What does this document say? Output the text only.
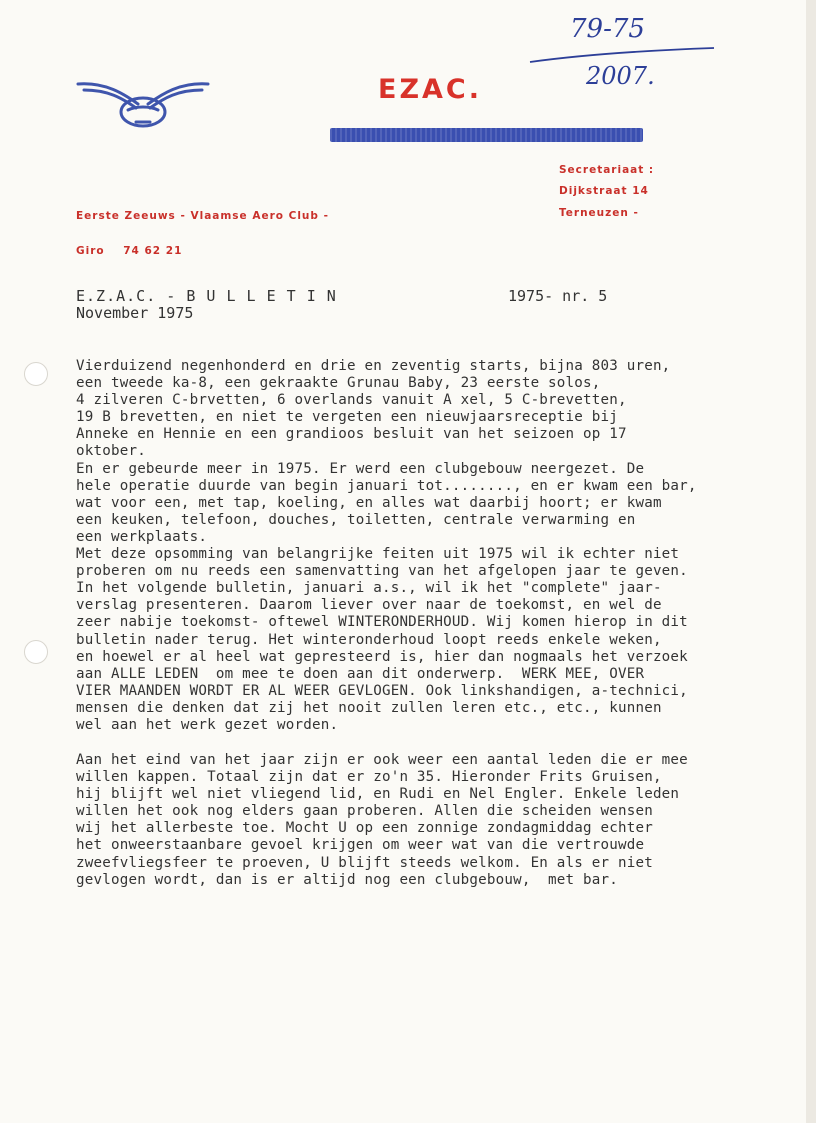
EZAC.
79-75
2007.
Secretariaat :
Dijkstraat 14
Terneuzen -
Eerste Zeeuws - Vlaamse Aero Club -
Giro    74 62 21
E.Z.A.C. - B U L L E T I N	1975- nr. 5
November 1975
Vierduizend negenhonderd en drie en zeventig starts, bijna 803 uren,
een tweede ka-8, een gekraakte Grunau Baby, 23 eerste solos,
4 zilveren C-brvetten, 6 overlands vanuit A xel, 5 C-brevetten,
19 B brevetten, en niet te vergeten een nieuwjaarsreceptie bij
Anneke en Hennie en een grandioos besluit van het seizoen op 17
oktober.
En er gebeurde meer in 1975. Er werd een clubgebouw neergezet. De
hele operatie duurde van begin januari tot........, en er kwam een bar,
wat voor een, met tap, koeling, en alles wat daarbij hoort; er kwam
een keuken, telefoon, douches, toiletten, centrale verwarming en
een werkplaats.
Met deze opsomming van belangrijke feiten uit 1975 wil ik echter niet
proberen om nu reeds een samenvatting van het afgelopen jaar te geven.
In het volgende bulletin, januari a.s., wil ik het "complete" jaar-
verslag presenteren. Daarom liever over naar de toekomst, en wel de
zeer nabije toekomst- oftewel WINTERONDERHOUD. Wij komen hierop in dit
bulletin nader terug. Het winteronderhoud loopt reeds enkele weken,
en hoewel er al heel wat gepresteerd is, hier dan nogmaals het verzoek
aan ALLE LEDEN  om mee te doen aan dit onderwerp.  WERK MEE, OVER
VIER MAANDEN WORDT ER AL WEER GEVLOGEN. Ook linkshandigen, a-technici,
mensen die denken dat zij het nooit zullen leren etc., etc., kunnen
wel aan het werk gezet worden.
Aan het eind van het jaar zijn er ook weer een aantal leden die er mee
willen kappen. Totaal zijn dat er zo'n 35. Hieronder Frits Gruisen,
hij blijft wel niet vliegend lid, en Rudi en Nel Engler. Enkele leden
willen het ook nog elders gaan proberen. Allen die scheiden wensen
wij het allerbeste toe. Mocht U op een zonnige zondagmiddag echter
het onweerstaanbare gevoel krijgen om weer wat van die vertrouwde
zweefvliegsfeer te proeven, U blijft steeds welkom. En als er niet
gevlogen wordt, dan is er altijd nog een clubgebouw,  met bar.
